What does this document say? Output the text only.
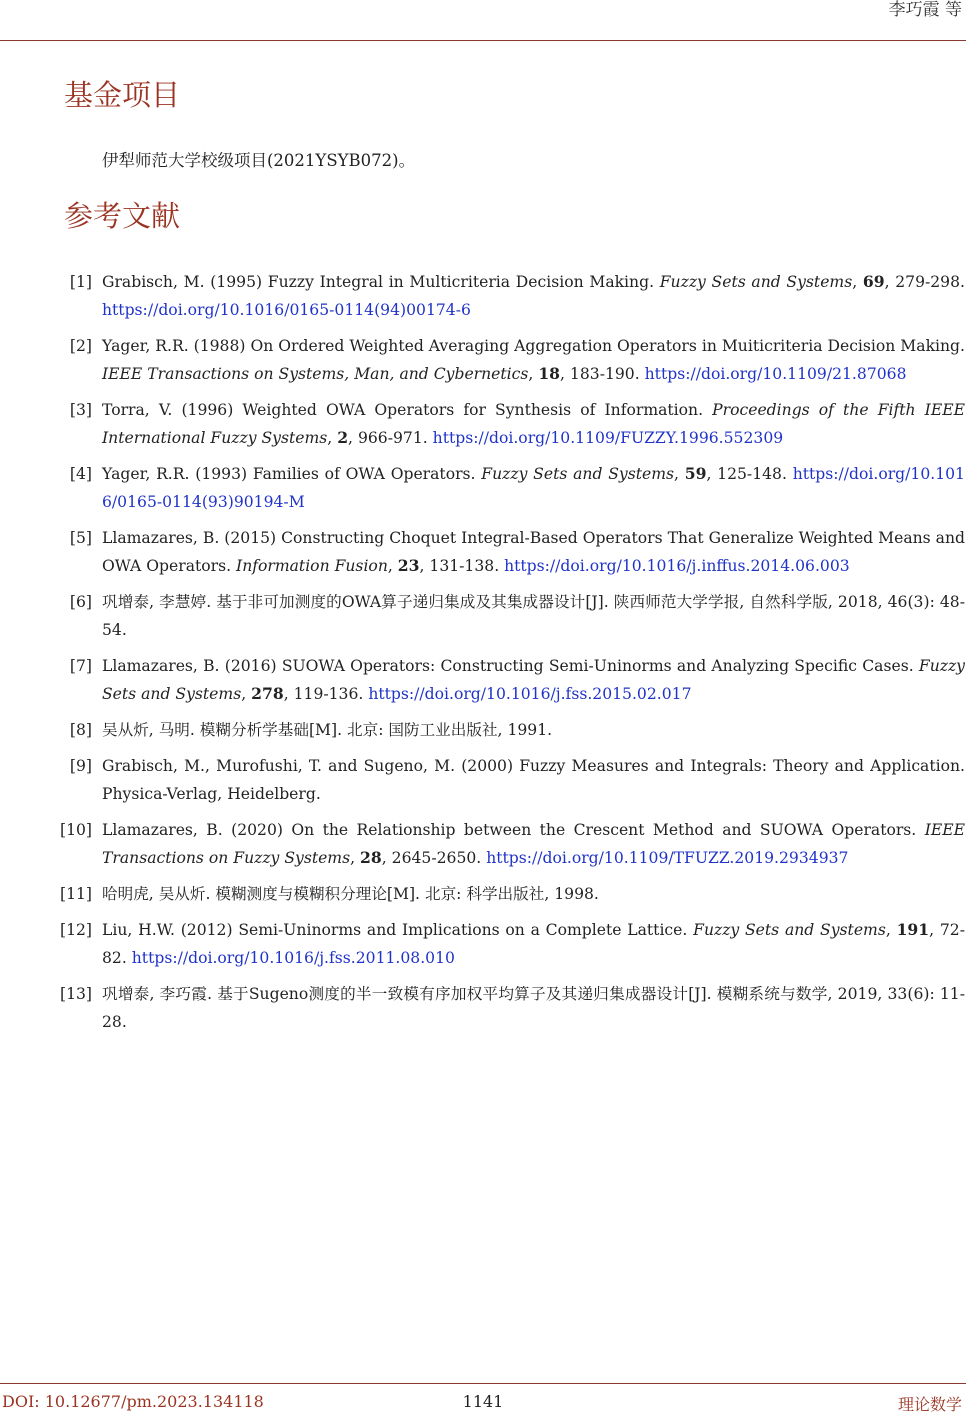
李巧霞 等
基金项目
伊犁师范大学校级项目(2021YSYB072)。
参考文献
[1] Grabisch, M. (1995) Fuzzy Integral in Multicriteria Decision Making. Fuzzy Sets and Systems, 69, 279-298. https://doi.org/10.1016/0165-0114(94)00174-6
[2] Yager, R.R. (1988) On Ordered Weighted Averaging Aggregation Operators in Muiticriteria Decision Making. IEEE Transactions on Systems, Man, and Cybernetics, 18, 183-190. https://doi.org/10.1109/21.87068
[3] Torra, V. (1996) Weighted OWA Operators for Synthesis of Information. Proceedings of the Fifth IEEE International Fuzzy Systems, 2, 966-971. https://doi.org/10.1109/FUZZY.1996.552309
[4] Yager, R.R. (1993) Families of OWA Operators. Fuzzy Sets and Systems, 59, 125-148. https://doi.org/10.1016/0165-0114(93)90194-M
[5] Llamazares, B. (2015) Constructing Choquet Integral-Based Operators That Generalize Weighted Means and OWA Operators. Information Fusion, 23, 131-138. https://doi.org/10.1016/j.inffus.2014.06.003
[6] 巩增泰, 李慧婷. 基于非可加测度的OWA算子递归集成及其集成器设计[J]. 陕西师范大学学报, 自然科学版, 2018, 46(3): 48-54.
[7] Llamazares, B. (2016) SUOWA Operators: Constructing Semi-Uninorms and Analyzing Specific Cases. Fuzzy Sets and Systems, 278, 119-136. https://doi.org/10.1016/j.fss.2015.02.017
[8] 吴从炘, 马明. 模糊分析学基础[M]. 北京: 国防工业出版社, 1991.
[9] Grabisch, M., Murofushi, T. and Sugeno, M. (2000) Fuzzy Measures and Integrals: Theory and Application. Physica-Verlag, Heidelberg.
[10] Llamazares, B. (2020) On the Relationship between the Crescent Method and SUOWA Operators. IEEE Transactions on Fuzzy Systems, 28, 2645-2650. https://doi.org/10.1109/TFUZZ.2019.2934937
[11] 哈明虎, 吴从炘. 模糊测度与模糊积分理论[M]. 北京: 科学出版社, 1998.
[12] Liu, H.W. (2012) Semi-Uninorms and Implications on a Complete Lattice. Fuzzy Sets and Systems, 191, 72-82. https://doi.org/10.1016/j.fss.2011.08.010
[13] 巩增泰, 李巧霞. 基于Sugeno测度的半一致模有序加权平均算子及其递归集成器设计[J]. 模糊系统与数学, 2019, 33(6): 11-28.
DOI: 10.12677/pm.2023.134118	1141	理论数学
